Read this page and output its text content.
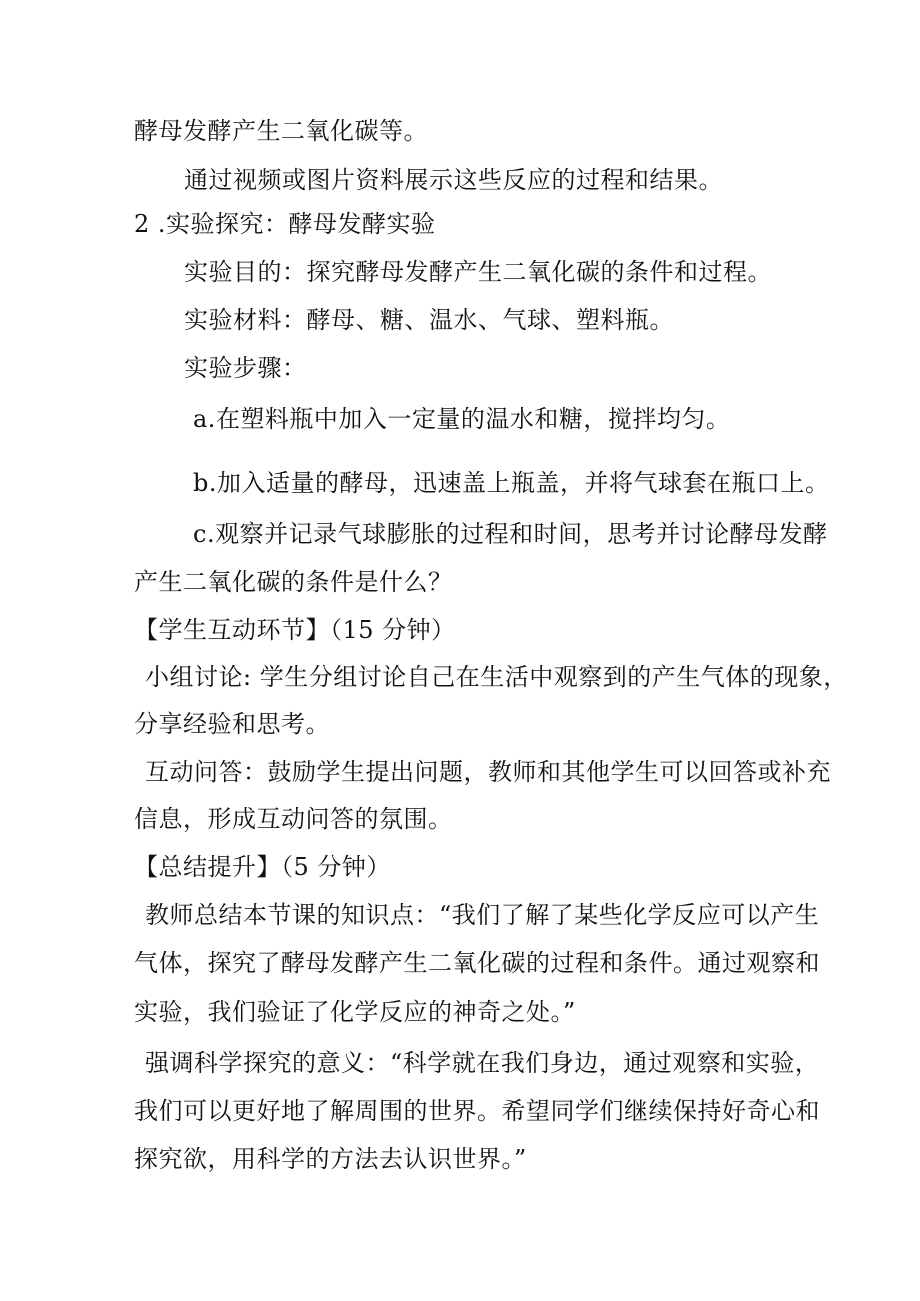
酵母发酵产生二氧化碳等。
通过视频或图片资料展示这些反应的过程和结果。
2 .实验探究：酵母发酵实验
实验目的：探究酵母发酵产生二氧化碳的条件和过程。
实验材料：酵母、糖、温水、气球、塑料瓶。
实验步骤：
a.在塑料瓶中加入一定量的温水和糖，搅拌均匀。
b.加入适量的酵母，迅速盖上瓶盖，并将气球套在瓶口上。
c.观察并记录气球膨胀的过程和时间，思考并讨论酵母发酵
产生二氧化碳的条件是什么？
【学生互动环节】（15 分钟）
小组讨论: 学生分组讨论自己在生活中观察到的产生气体的现象，
分享经验和思考。
互动问答：鼓励学生提出问题，教师和其他学生可以回答或补充
信息，形成互动问答的氛围。
【总结提升】（5 分钟）
教师总结本节课的知识点：“我们了解了某些化学反应可以产生
气体，探究了酵母发酵产生二氧化碳的过程和条件。通过观察和
实验，我们验证了化学反应的神奇之处。”
强调科学探究的意义：“科学就在我们身边，通过观察和实验，
我们可以更好地了解周围的世界。希望同学们继续保持好奇心和
探究欲，用科学的方法去认识世界。”
